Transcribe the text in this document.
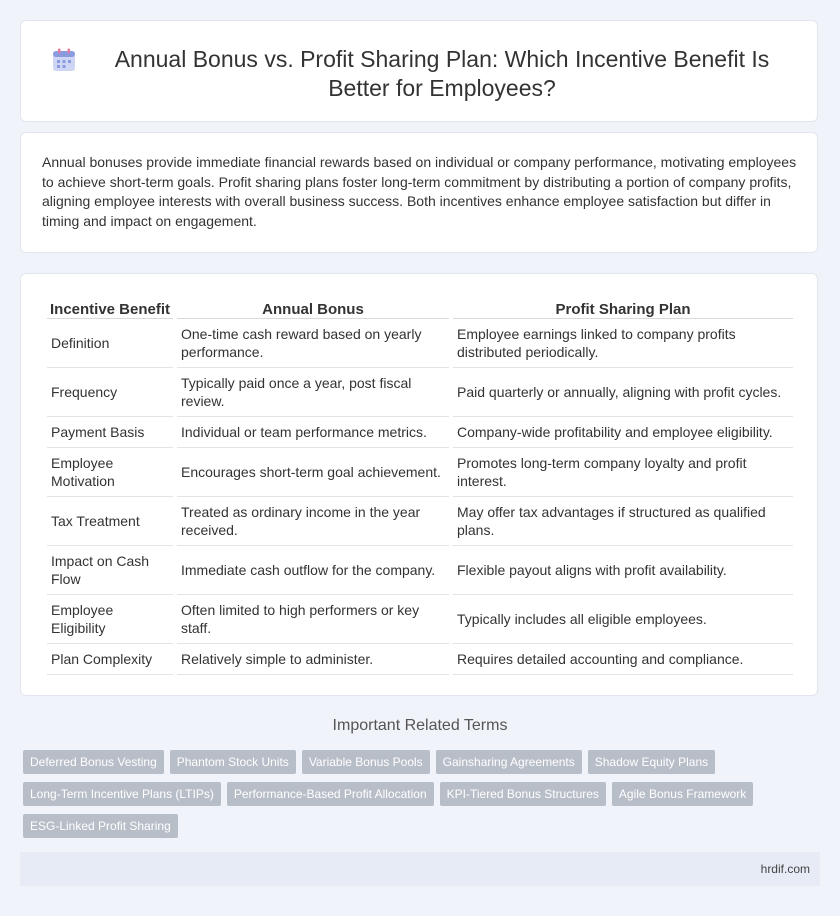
Annual Bonus vs. Profit Sharing Plan: Which Incentive Benefit Is Better for Employees?

Annual bonuses provide immediate financial rewards based on individual or company performance, motivating employees to achieve short-term goals. Profit sharing plans foster long-term commitment by distributing a portion of company profits, aligning employee interests with overall business success. Both incentives enhance employee satisfaction but differ in timing and impact on engagement.

Incentive Benefit	Annual Bonus	Profit Sharing Plan
Definition	One-time cash reward based on yearly performance.	Employee earnings linked to company profits distributed periodically.
Frequency	Typically paid once a year, post fiscal review.	Paid quarterly or annually, aligning with profit cycles.
Payment Basis	Individual or team performance metrics.	Company-wide profitability and employee eligibility.
Employee Motivation	Encourages short-term goal achievement.	Promotes long-term company loyalty and profit interest.
Tax Treatment	Treated as ordinary income in the year received.	May offer tax advantages if structured as qualified plans.
Impact on Cash Flow	Immediate cash outflow for the company.	Flexible payout aligns with profit availability.
Employee Eligibility	Often limited to high performers or key staff.	Typically includes all eligible employees.
Plan Complexity	Relatively simple to administer.	Requires detailed accounting and compliance.
Important Related Terms
Deferred Bonus Vesting	Phantom Stock Units	Variable Bonus Pools	Gainsharing Agreements	Shadow Equity Plans
Long-Term Incentive Plans (LTIPs)	Performance-Based Profit Allocation	KPI-Tiered Bonus Structures	Agile Bonus Framework
ESG-Linked Profit Sharing
hrdif.com
